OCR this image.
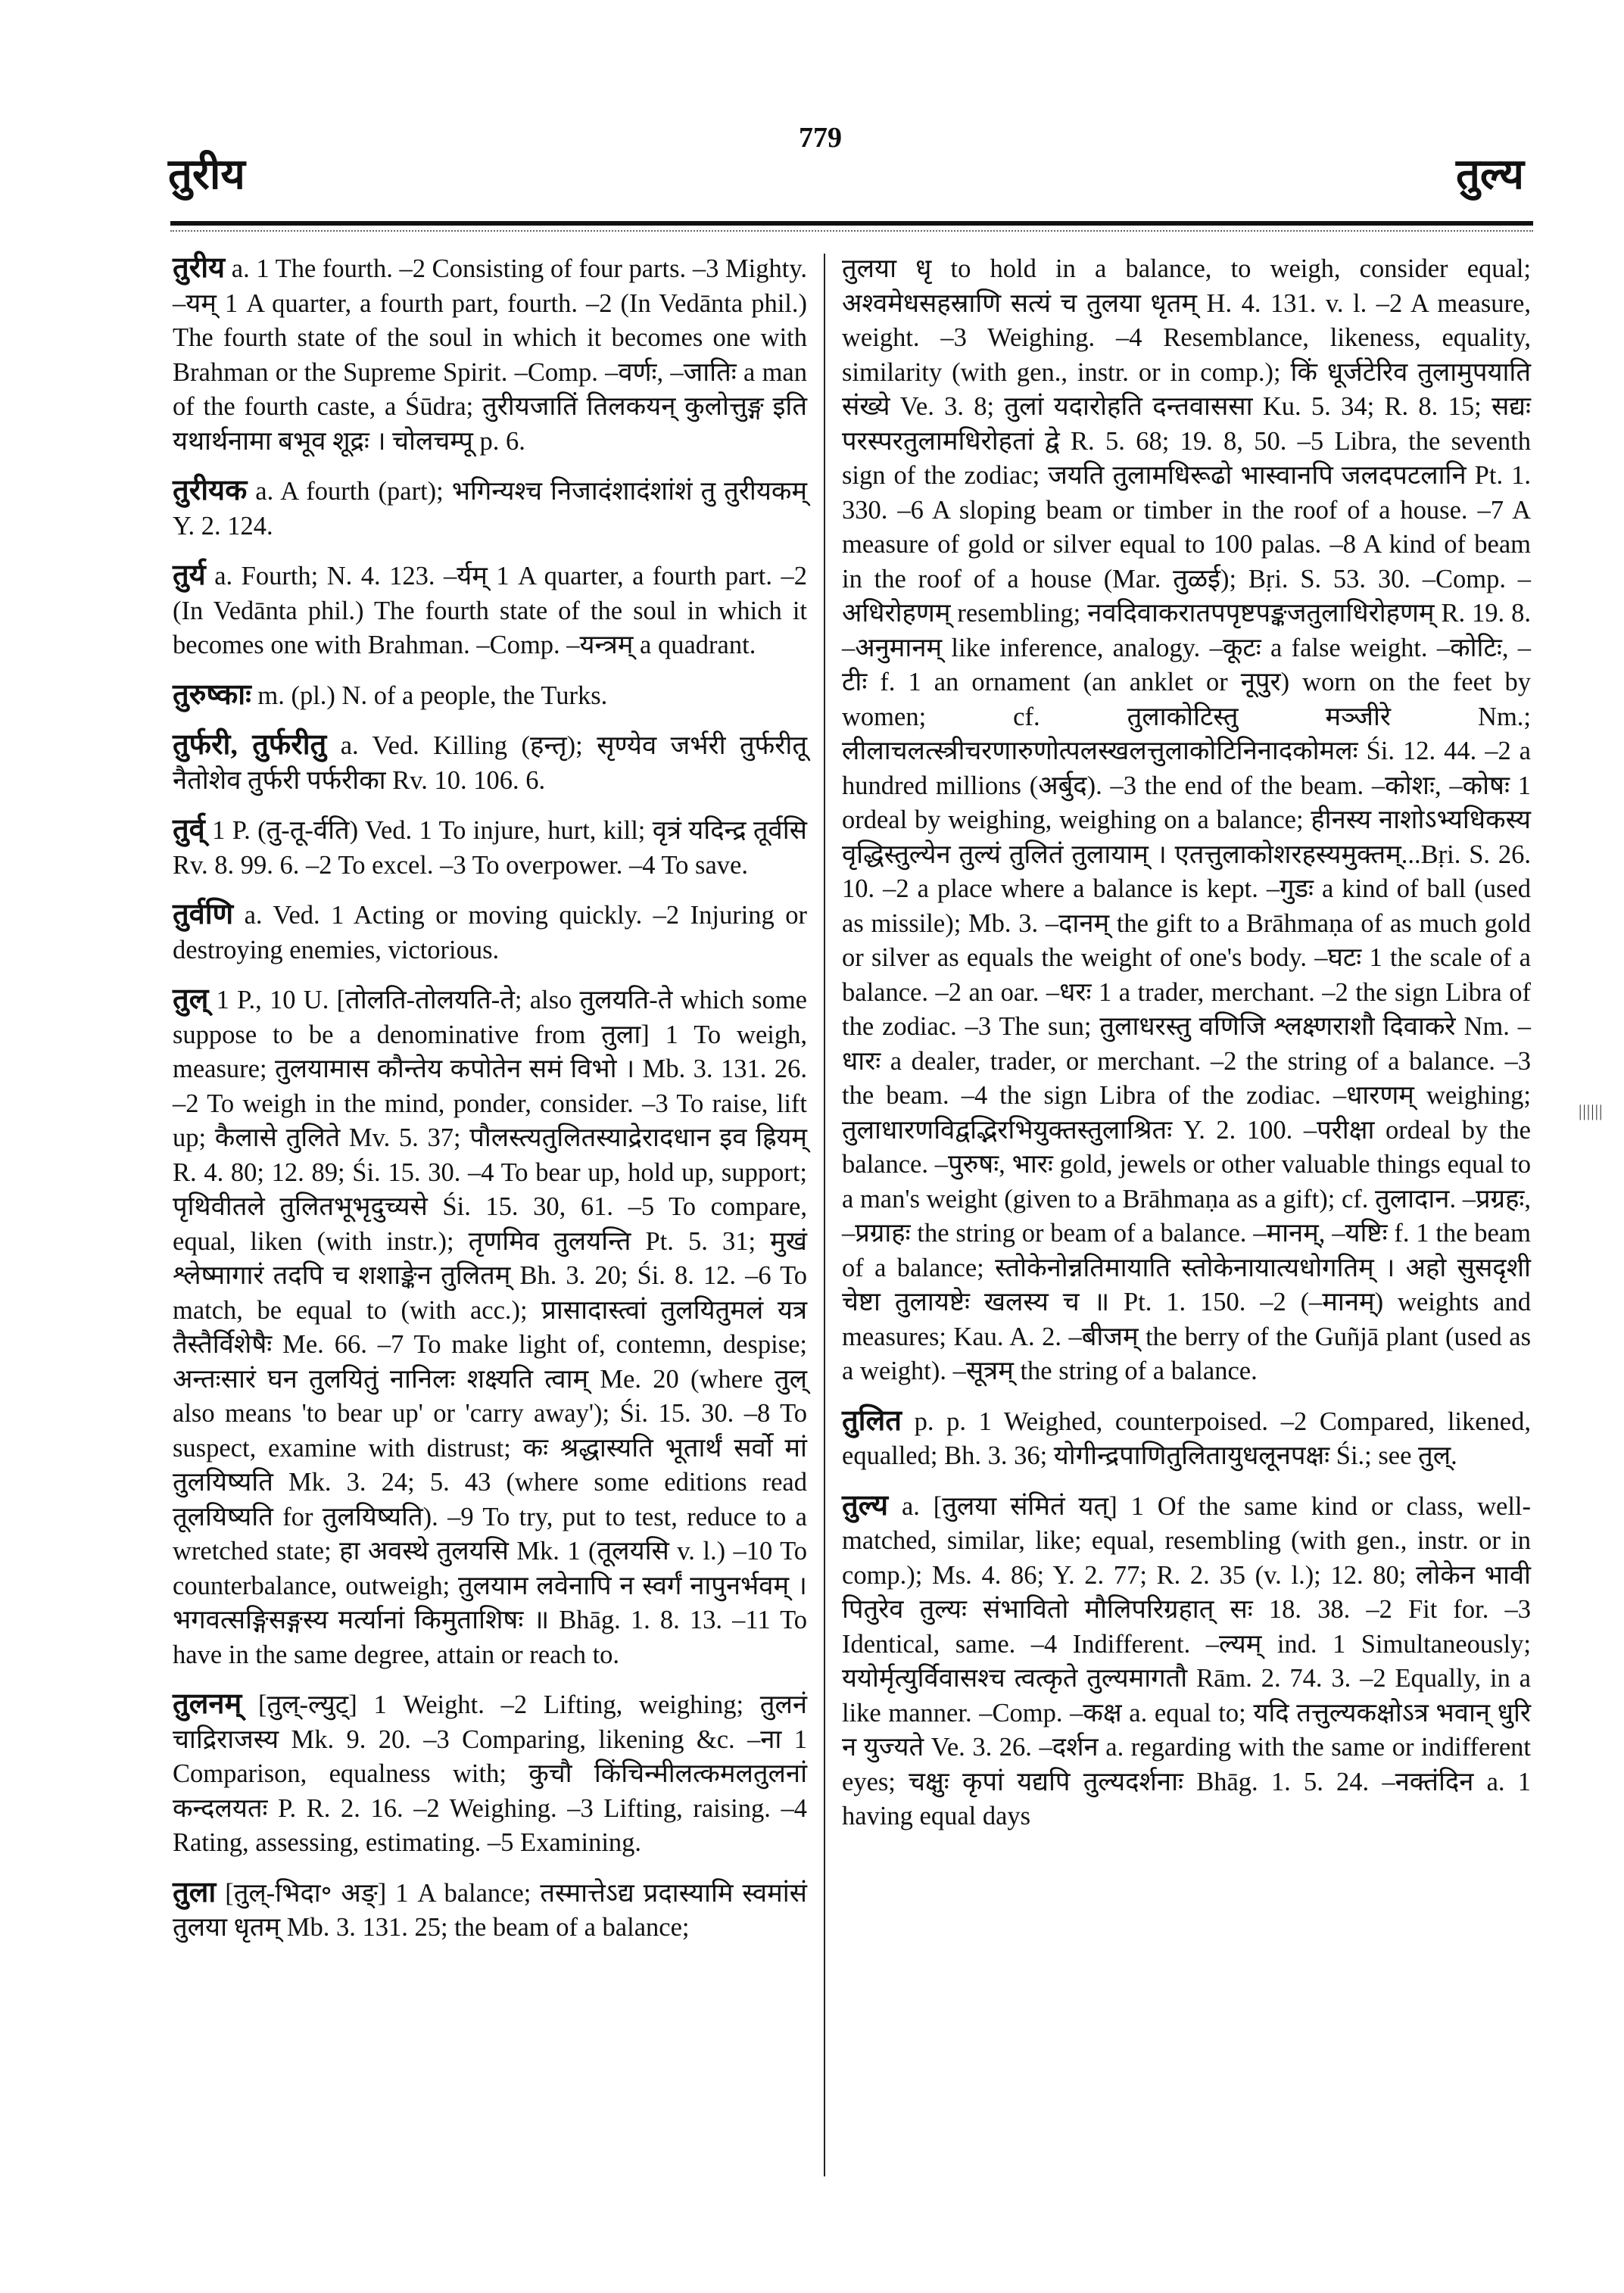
तुरीय
779
तुल्य

तुरीय a. 1 The fourth. –2 Consisting of four parts. –3 Mighty. –यम् 1 A quarter, a fourth part, fourth. –2 (In Vedānta phil.) The fourth state of the soul in which it becomes one with Brahman or the Supreme Spirit. –Comp. –वर्णः, –जातिः a man of the fourth caste, a Śūdra; तुरीयजातिं तिलकयन् कुलोत्तुङ्ग इति यथार्थनामा बभूव शूद्रः । चोलचम्पू p. 6.

तुरीयक a. A fourth (part); भगिन्यश्च निजादंशादंशांशं तु तुरीयकम् Y. 2. 124.

तुर्य a. Fourth; N. 4. 123. –र्यम् 1 A quarter, a fourth part. –2 (In Vedānta phil.) The fourth state of the soul in which it becomes one with Brahman. –Comp. –यन्त्रम् a quadrant.

तुरुष्काः m. (pl.) N. of a people, the Turks.

तुर्फरी, तुर्फरीतु a. Ved. Killing (हन्तृ); सृण्येव जर्भरी तुर्फरीतू नैतोशेव तुर्फरी पर्फरीका Rv. 10. 106. 6.

तुर्व् 1 P. (तु-तू-र्वति) Ved. 1 To injure, hurt, kill; वृत्रं यदिन्द्र तूर्वसि Rv. 8. 99. 6. –2 To excel. –3 To overpower. –4 To save.

तुर्वणि a. Ved. 1 Acting or moving quickly. –2 Injuring or destroying enemies, victorious.

तुल् 1 P., 10 U. [तोलति-तोलयति-ते; also तुलयति-ते which some suppose to be a denominative from तुला] 1 To weigh, measure; तुलयामास कौन्तेय कपोतेन समं विभो । Mb. 3. 131. 26. –2 To weigh in the mind, ponder, consider. –3 To raise, lift up; कैलासे तुलिते Mv. 5. 37; पौलस्त्यतुलितस्याद्रेरादधान इव ह्रियम् R. 4. 80; 12. 89; Śi. 15. 30. –4 To bear up, hold up, support; पृथिवीतले तुलितभूभृदुच्यसे Śi. 15. 30, 61. –5 To compare, equal, liken (with instr.); तृणमिव तुलयन्ति Pt. 5. 31; मुखं श्लेष्मागारं तदपि च शशाङ्केन तुलितम् Bh. 3. 20; Śi. 8. 12. –6 To match, be equal to (with acc.); प्रासादास्त्वां तुलयितुमलं यत्र तैस्तैर्विशेषैः Me. 66. –7 To make light of, contemn, despise; अन्तःसारं घन तुलयितुं नानिलः शक्ष्यति त्वाम् Me. 20 (where तुल् also means 'to bear up' or 'carry away'); Śi. 15. 30. –8 To suspect, examine with distrust; कः श्रद्धास्यति भूतार्थं सर्वो मां तुलयिष्यति Mk. 3. 24; 5. 43 (where some editions read तूलयिष्यति for तुलयिष्यति). –9 To try, put to test, reduce to a wretched state; हा अवस्थे तुलयसि Mk. 1 (तूलयसि v. l.) –10 To counterbalance, outweigh; तुलयाम लवेनापि न स्वर्गं नापुनर्भवम् । भगवत्सङ्गिसङ्गस्य मर्त्यानां किमुताशिषः ॥ Bhāg. 1. 8. 13. –11 To have in the same degree, attain or reach to.

तुलनम् [तुल्-ल्युट्] 1 Weight. –2 Lifting, weighing; तुलनं चाद्रिराजस्य Mk. 9. 20. –3 Comparing, likening &c. –ना 1 Comparison, equalness with; कुचौ किंचिन्मीलत्कमलतुलनां कन्दलयतः P. R. 2. 16. –2 Weighing. –3 Lifting, raising. –4 Rating, assessing, estimating. –5 Examining.

तुला [तुल्-भिदा॰ अङ्] 1 A balance; तस्मात्तेऽद्य प्रदास्यामि स्वमांसं तुलया धृतम् Mb. 3. 131. 25; the beam of a balance;

तुलया धृ to hold in a balance, to weigh, consider equal; अश्वमेधसहस्राणि सत्यं च तुलया धृतम् H. 4. 131. v. l. –2 A measure, weight. –3 Weighing. –4 Resemblance, likeness, equality, similarity (with gen., instr. or in comp.); किं धूर्जटेरिव तुलामुपयाति संख्ये Ve. 3. 8; तुलां यदारोहति दन्तवाससा Ku. 5. 34; R. 8. 15; सद्यः परस्परतुलामधिरोहतां द्वे R. 5. 68; 19. 8, 50. –5 Libra, the seventh sign of the zodiac; जयति तुलामधिरूढो भास्वानपि जलदपटलानि Pt. 1. 330. –6 A sloping beam or timber in the roof of a house. –7 A measure of gold or silver equal to 100 palas. –8 A kind of beam in the roof of a house (Mar. तुळई); Bṛi. S. 53. 30. –Comp. –अधिरोहणम् resembling; नवदिवाकरातपपृष्टपङ्कजतुलाधिरोहणम् R. 19. 8. –अनुमानम् like inference, analogy. –कूटः a false weight. –कोटिः, –टीः f. 1 an ornament (an anklet or नूपुर) worn on the feet by women; cf. तुलाकोटिस्तु मञ्जीरे Nm.; लीलाचलत्स्त्रीचरणारुणोत्पलस्खलत्तुलाकोटिनिनादकोमलः Śi. 12. 44. –2 a hundred millions (अर्बुद). –3 the end of the beam. –कोशः, –कोषः 1 ordeal by weighing, weighing on a balance; हीनस्य नाशोऽभ्यधिकस्य वृद्धिस्तुल्येन तुल्यं तुलितं तुलायाम् । एतत्तुलाकोशरहस्यमुक्तम्...Bṛi. S. 26. 10. –2 a place where a balance is kept. –गुडः a kind of ball (used as missile); Mb. 3. –दानम् the gift to a Brāhmaṇa of as much gold or silver as equals the weight of one's body. –घटः 1 the scale of a balance. –2 an oar. –धरः 1 a trader, merchant. –2 the sign Libra of the zodiac. –3 The sun; तुलाधरस्तु वणिजि श्लक्ष्णराशौ दिवाकरे Nm. –धारः a dealer, trader, or merchant. –2 the string of a balance. –3 the beam. –4 the sign Libra of the zodiac. –धारणम् weighing; तुलाधारणविद्वद्भिरभियुक्तस्तुलाश्रितः Y. 2. 100. –परीक्षा ordeal by the balance. –पुरुषः, भारः gold, jewels or other valuable things equal to a man's weight (given to a Brāhmaṇa as a gift); cf. तुलादान. –प्रग्रहः, –प्रग्राहः the string or beam of a balance. –मानम्, –यष्टिः f. 1 the beam of a balance; स्तोकेनोन्नतिमायाति स्तोकेनायात्यधोगतिम् । अहो सुसदृशी चेष्टा तुलायष्टेः खलस्य च ॥ Pt. 1. 150. –2 (–मानम्) weights and measures; Kau. A. 2. –बीजम् the berry of the Guñjā plant (used as a weight). –सूत्रम् the string of a balance.

तुलित p. p. 1 Weighed, counterpoised. –2 Compared, likened, equalled; Bh. 3. 36; योगीन्द्रपाणितुलितायुधलूनपक्षः Śi.; see तुल्.

तुल्य a. [तुलया संमितं यत्] 1 Of the same kind or class, well-matched, similar, like; equal, resembling (with gen., instr. or in comp.); Ms. 4. 86; Y. 2. 77; R. 2. 35 (v. l.); 12. 80; लोकेन भावी पितुरेव तुल्यः संभावितो मौलिपरिग्रहात् सः 18. 38. –2 Fit for. –3 Identical, same. –4 Indifferent. –ल्यम् ind. 1 Simultaneously; ययोर्मृत्युर्विवासश्च त्वत्कृते तुल्यमागतौ Rām. 2. 74. 3. –2 Equally, in a like manner. –Comp. –कक्ष a. equal to; यदि तत्तुल्यकक्षोऽत्र भवान् धुरि न युज्यते Ve. 3. 26. –दर्शन a. regarding with the same or indifferent eyes; चक्षुः कृपां यद्यपि तुल्यदर्शनाः Bhāg. 1. 5. 24. –नक्तंदिन a. 1 having equal days

||||||
